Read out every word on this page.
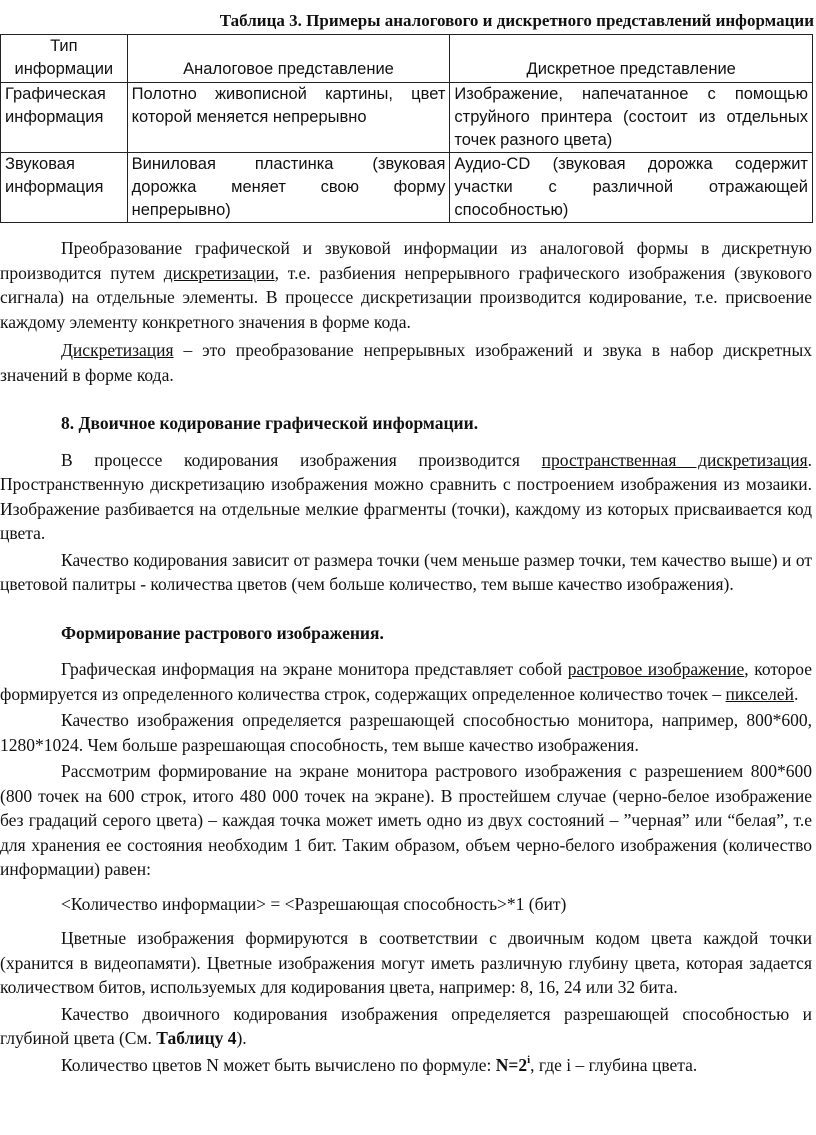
Таблица 3. Примеры аналогового и дискретного представлений информации
Тип информации	Аналоговое представление	Дискретное представление
Графическая информация	Полотно живописной картины, цвет которой меняется непрерывно	Изображение, напечатанное с помощью струйного принтера (состоит из отдельных точек разного цвета)
Звуковая информация	Виниловая пластинка (звуковая дорожка меняет свою форму непрерывно)	Аудио-CD (звуковая дорожка содержит участки с различной отражающей способностью)

Преобразование графической и звуковой информации из аналоговой формы в дискретную производится путем дискретизации, т.е. разбиения непрерывного графического изображения (звукового сигнала) на отдельные элементы. В процессе дискретизации производится кодирование, т.е. присвоение каждому элементу конкретного значения в форме кода.

Дискретизация – это преобразование непрерывных изображений и звука в набор дискретных значений в форме кода.

8. Двоичное кодирование графической информации.

В процессе кодирования изображения производится пространственная дискретизация. Пространственную дискретизацию изображения можно сравнить с построением изображения из мозаики. Изображение разбивается на отдельные мелкие фрагменты (точки), каждому из которых присваивается код цвета.

Качество кодирования зависит от размера точки (чем меньше размер точки, тем качество выше) и от цветовой палитры - количества цветов (чем больше количество, тем выше качество изображения).

Формирование растрового изображения.

Графическая информация на экране монитора представляет собой растровое изображение, которое формируется из определенного количества строк, содержащих определенное количество точек – пикселей.

Качество изображения определяется разрешающей способностью монитора, например, 800*600, 1280*1024. Чем больше разрешающая способность, тем выше качество изображения.

Рассмотрим формирование на экране монитора растрового изображения с разрешением 800*600 (800 точек на 600 строк, итого 480 000 точек на экране). В простейшем случае (черно-белое изображение без градаций серого цвета) – каждая точка может иметь одно из двух состояний – ”черная” или “белая”, т.е для хранения ее состояния необходим 1 бит. Таким образом, объем черно-белого изображения (количество информации) равен:

<Количество информации> = <Разрешающая способность>*1 (бит)

Цветные изображения формируются в соответствии с двоичным кодом цвета каждой точки (хранится в видеопамяти). Цветные изображения могут иметь различную глубину цвета, которая задается количеством битов, используемых для кодирования цвета, например: 8, 16, 24 или 32 бита.

Качество двоичного кодирования изображения определяется разрешающей способностью и глубиной цвета (См. Таблицу 4).

Количество цветов N может быть вычислено по формуле: $N=2^i$, где i – глубина цвета.
